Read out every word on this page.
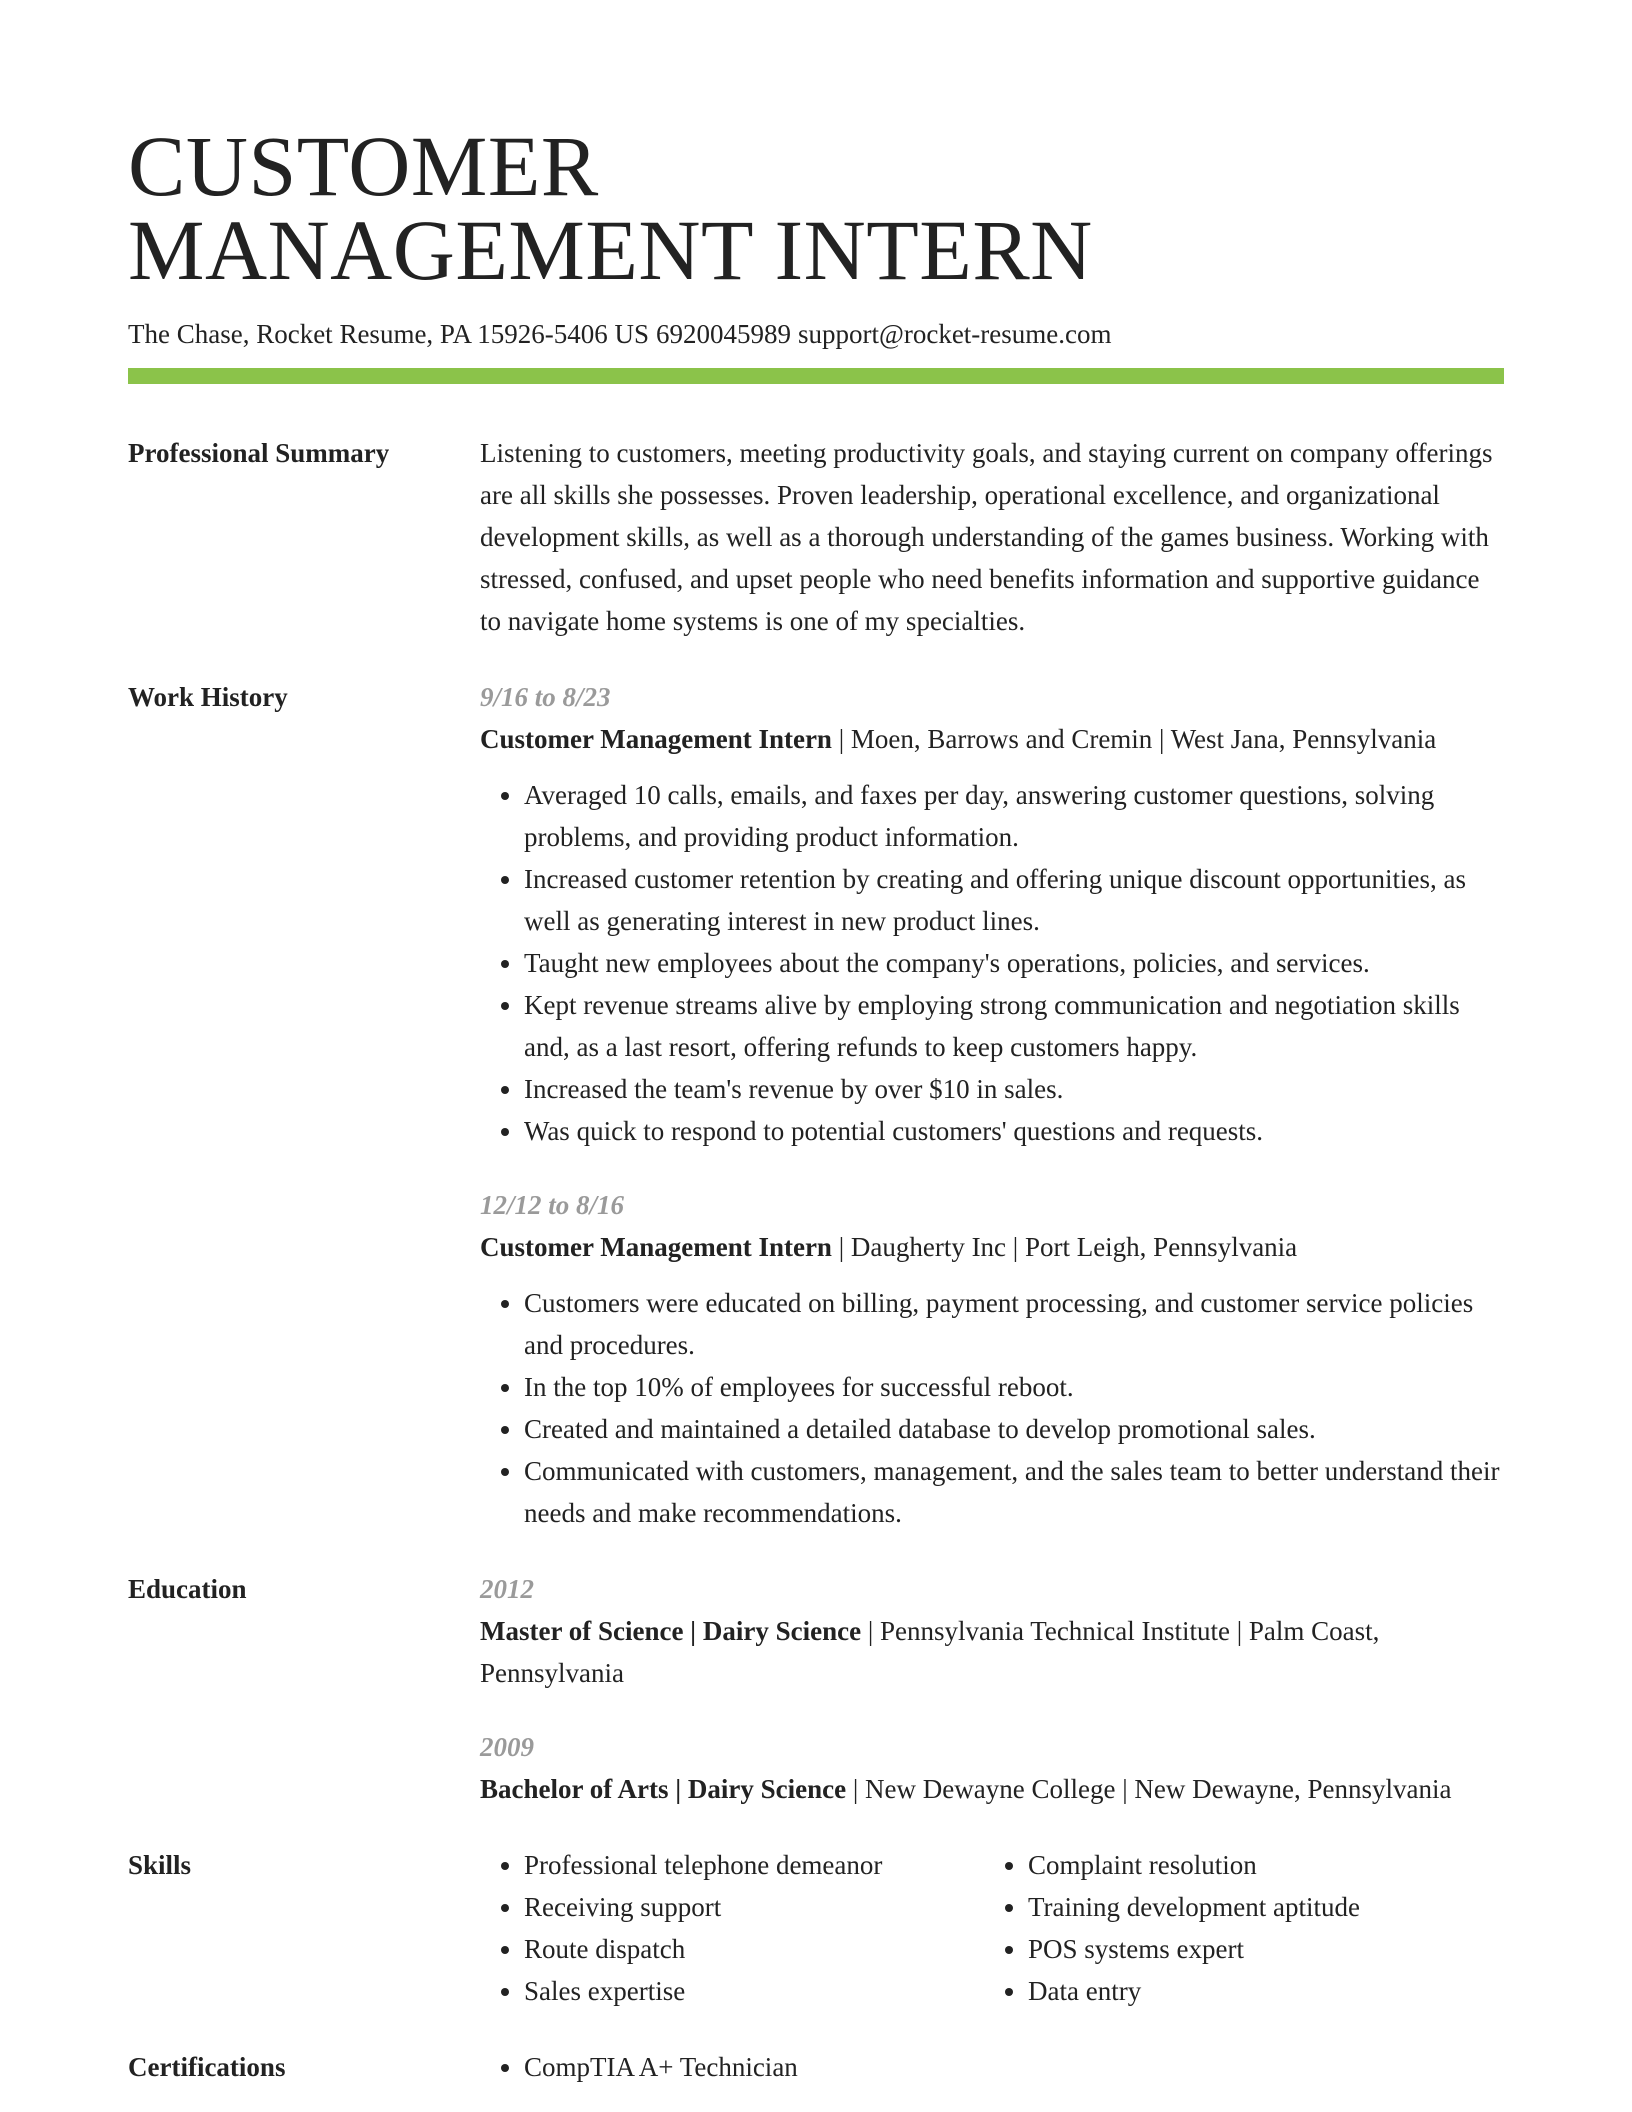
CUSTOMER
MANAGEMENT INTERN
The Chase, Rocket Resume, PA 15926-5406 US 6920045989 support@rocket-resume.com
Professional Summary	Listening to customers, meeting productivity goals, and staying current on company offerings are all skills she possesses. Proven leadership, operational excellence, and organizational development skills, as well as a thorough understanding of the games business. Working with stressed, confused, and upset people who need benefits information and supportive guidance to navigate home systems is one of my specialties.
Work History	9/16 to 8/23
Customer Management Intern | Moen, Barrows and Cremin | West Jana, Pennsylvania
• Averaged 10 calls, emails, and faxes per day, answering customer questions, solving problems, and providing product information.
• Increased customer retention by creating and offering unique discount opportunities, as well as generating interest in new product lines.
• Taught new employees about the company's operations, policies, and services.
• Kept revenue streams alive by employing strong communication and negotiation skills and, as a last resort, offering refunds to keep customers happy.
• Increased the team's revenue by over $10 in sales.
• Was quick to respond to potential customers' questions and requests.
12/12 to 8/16
Customer Management Intern | Daugherty Inc | Port Leigh, Pennsylvania
• Customers were educated on billing, payment processing, and customer service policies and procedures.
• In the top 10% of employees for successful reboot.
• Created and maintained a detailed database to develop promotional sales.
• Communicated with customers, management, and the sales team to better understand their needs and make recommendations.
Education	2012
Master of Science | Dairy Science | Pennsylvania Technical Institute | Palm Coast, Pennsylvania
2009
Bachelor of Arts | Dairy Science | New Dewayne College | New Dewayne, Pennsylvania
Skills	• Professional telephone demeanor
• Receiving support
• Route dispatch
• Sales expertise
• Complaint resolution
• Training development aptitude
• POS systems expert
• Data entry
Certifications	• CompTIA A+ Technician
